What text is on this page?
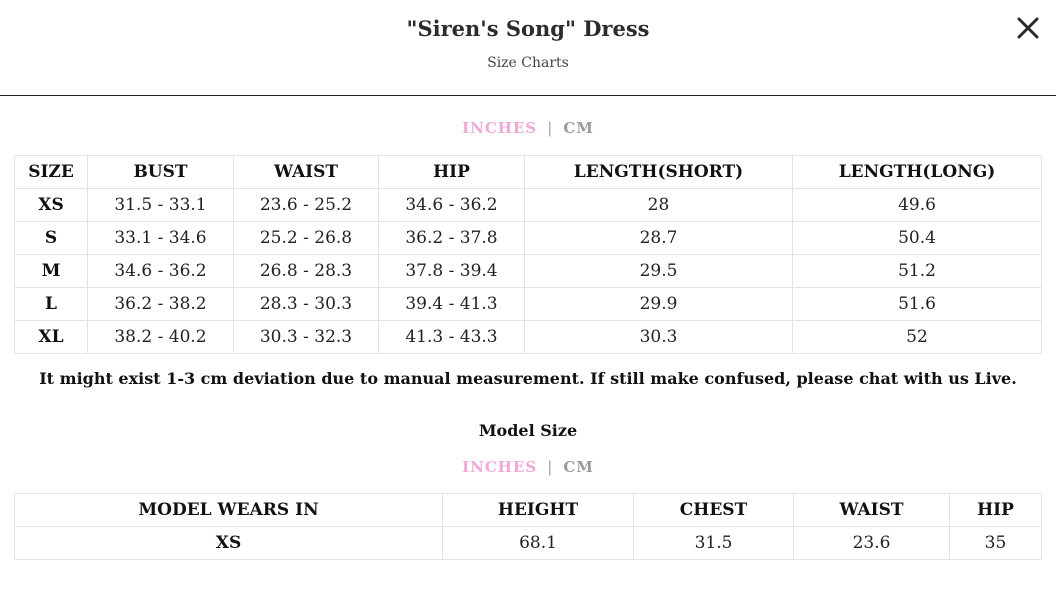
"Siren's Song" Dress
Size Charts
INCHES | CM
SIZE	BUST	WAIST	HIP	LENGTH(SHORT)	LENGTH(LONG)
XS	31.5 - 33.1	23.6 - 25.2	34.6 - 36.2	28	49.6
S	33.1 - 34.6	25.2 - 26.8	36.2 - 37.8	28.7	50.4
M	34.6 - 36.2	26.8 - 28.3	37.8 - 39.4	29.5	51.2
L	36.2 - 38.2	28.3 - 30.3	39.4 - 41.3	29.9	51.6
XL	38.2 - 40.2	30.3 - 32.3	41.3 - 43.3	30.3	52
It might exist 1-3 cm deviation due to manual measurement. If still make confused, please chat with us Live.
Model Size
INCHES | CM
MODEL WEARS IN	HEIGHT	CHEST	WAIST	HIP
XS	68.1	31.5	23.6	35
